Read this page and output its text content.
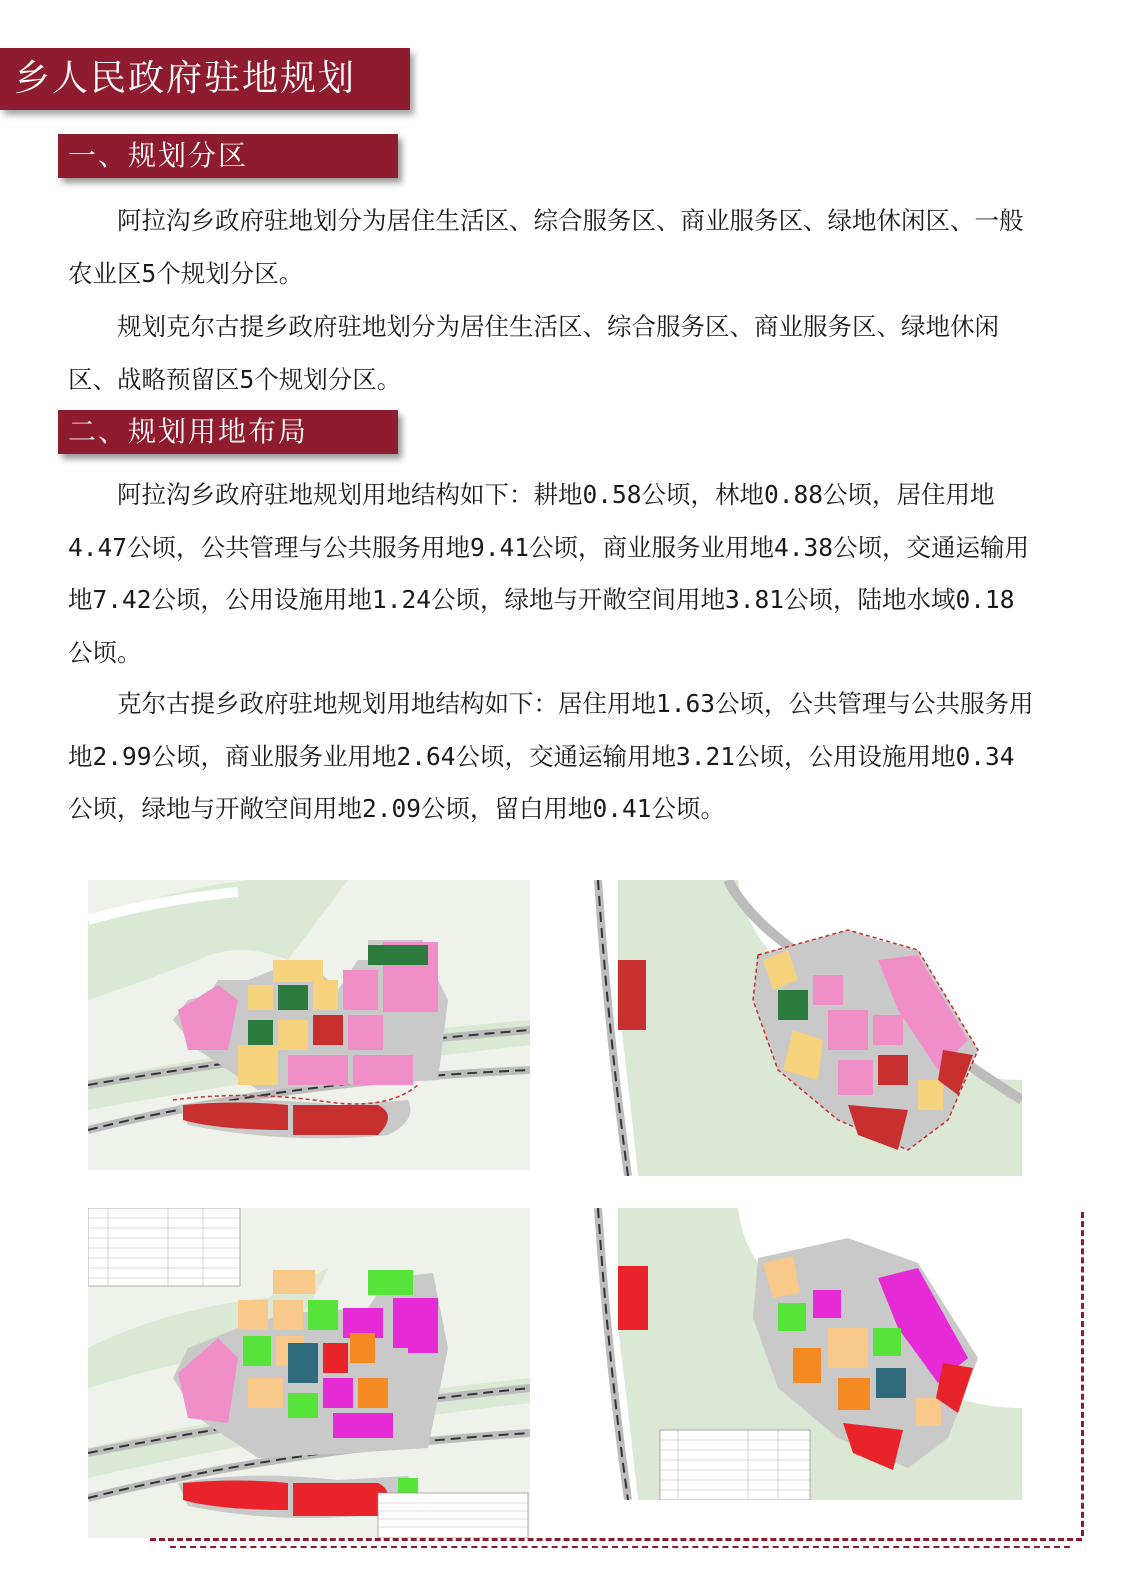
乡人民政府驻地规划
一、规划分区

阿拉沟乡政府驻地划分为居住生活区、综合服务区、商业服务区、绿地休闲区、一般农业区5个规划分区。

规划克尔古提乡政府驻地划分为居住生活区、综合服务区、商业服务区、绿地休闲区、战略预留区5个规划分区。

二、规划用地布局

阿拉沟乡政府驻地规划用地结构如下：耕地0.58公顷，林地0.88公顷，居住用地4.47公顷，公共管理与公共服务用地9.41公顷，商业服务业用地4.38公顷，交通运输用地7.42公顷，公用设施用地1.24公顷，绿地与开敞空间用地3.81公顷，陆地水域0.18公顷。

克尔古提乡政府驻地规划用地结构如下：居住用地1.63公顷，公共管理与公共服务用地2.99公顷，商业服务业用地2.64公顷，交通运输用地3.21公顷，公用设施用地0.34公顷，绿地与开敞空间用地2.09公顷，留白用地0.41公顷。
